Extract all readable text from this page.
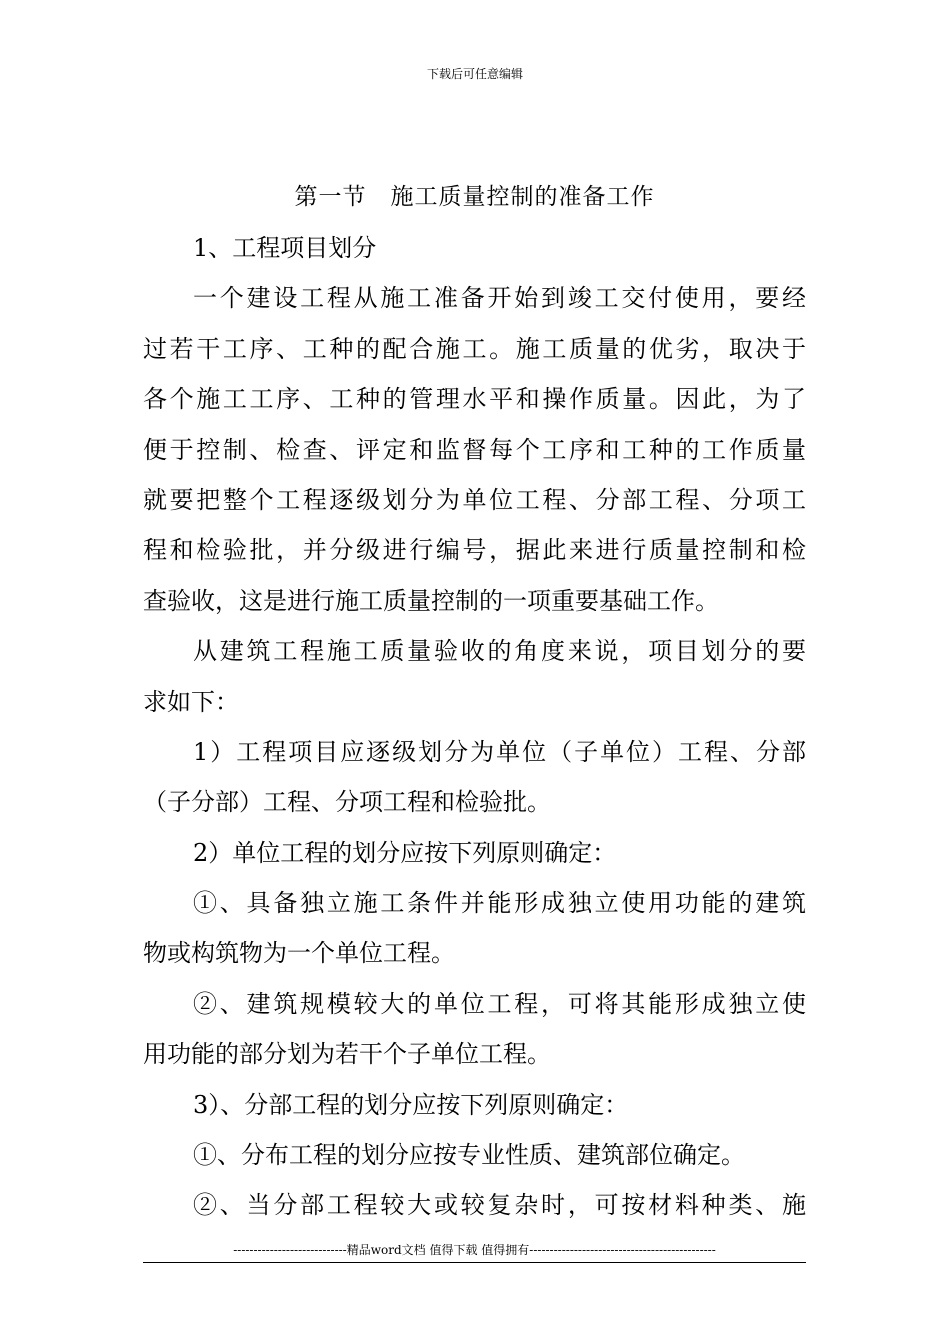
下载后可任意编辑
第一节　施工质量控制的准备工作
1、工程项目划分
一个建设工程从施工准备开始到竣工交付使用，要经
过若干工序、工种的配合施工。施工质量的优劣，取决于
各个施工工序、工种的管理水平和操作质量。因此，为了
便于控制、检查、评定和监督每个工序和工种的工作质量
就要把整个工程逐级划分为单位工程、分部工程、分项工
程和检验批，并分级进行编号，据此来进行质量控制和检
查验收，这是进行施工质量控制的一项重要基础工作。
从建筑工程施工质量验收的角度来说，项目划分的要
求如下：
1）工程项目应逐级划分为单位（子单位）工程、分部
（子分部）工程、分项工程和检验批。
2）单位工程的划分应按下列原则确定：
①、具备独立施工条件并能形成独立使用功能的建筑
物或构筑物为一个单位工程。
②、建筑规模较大的单位工程，可将其能形成独立使
用功能的部分划为若干个子单位工程。
3）、分部工程的划分应按下列原则确定：
①、分布工程的划分应按专业性质、建筑部位确定。
②、当分部工程较大或较复杂时，可按材料种类、施
----------------------------精品word文档 值得下载 值得拥有----------------------------------------------
